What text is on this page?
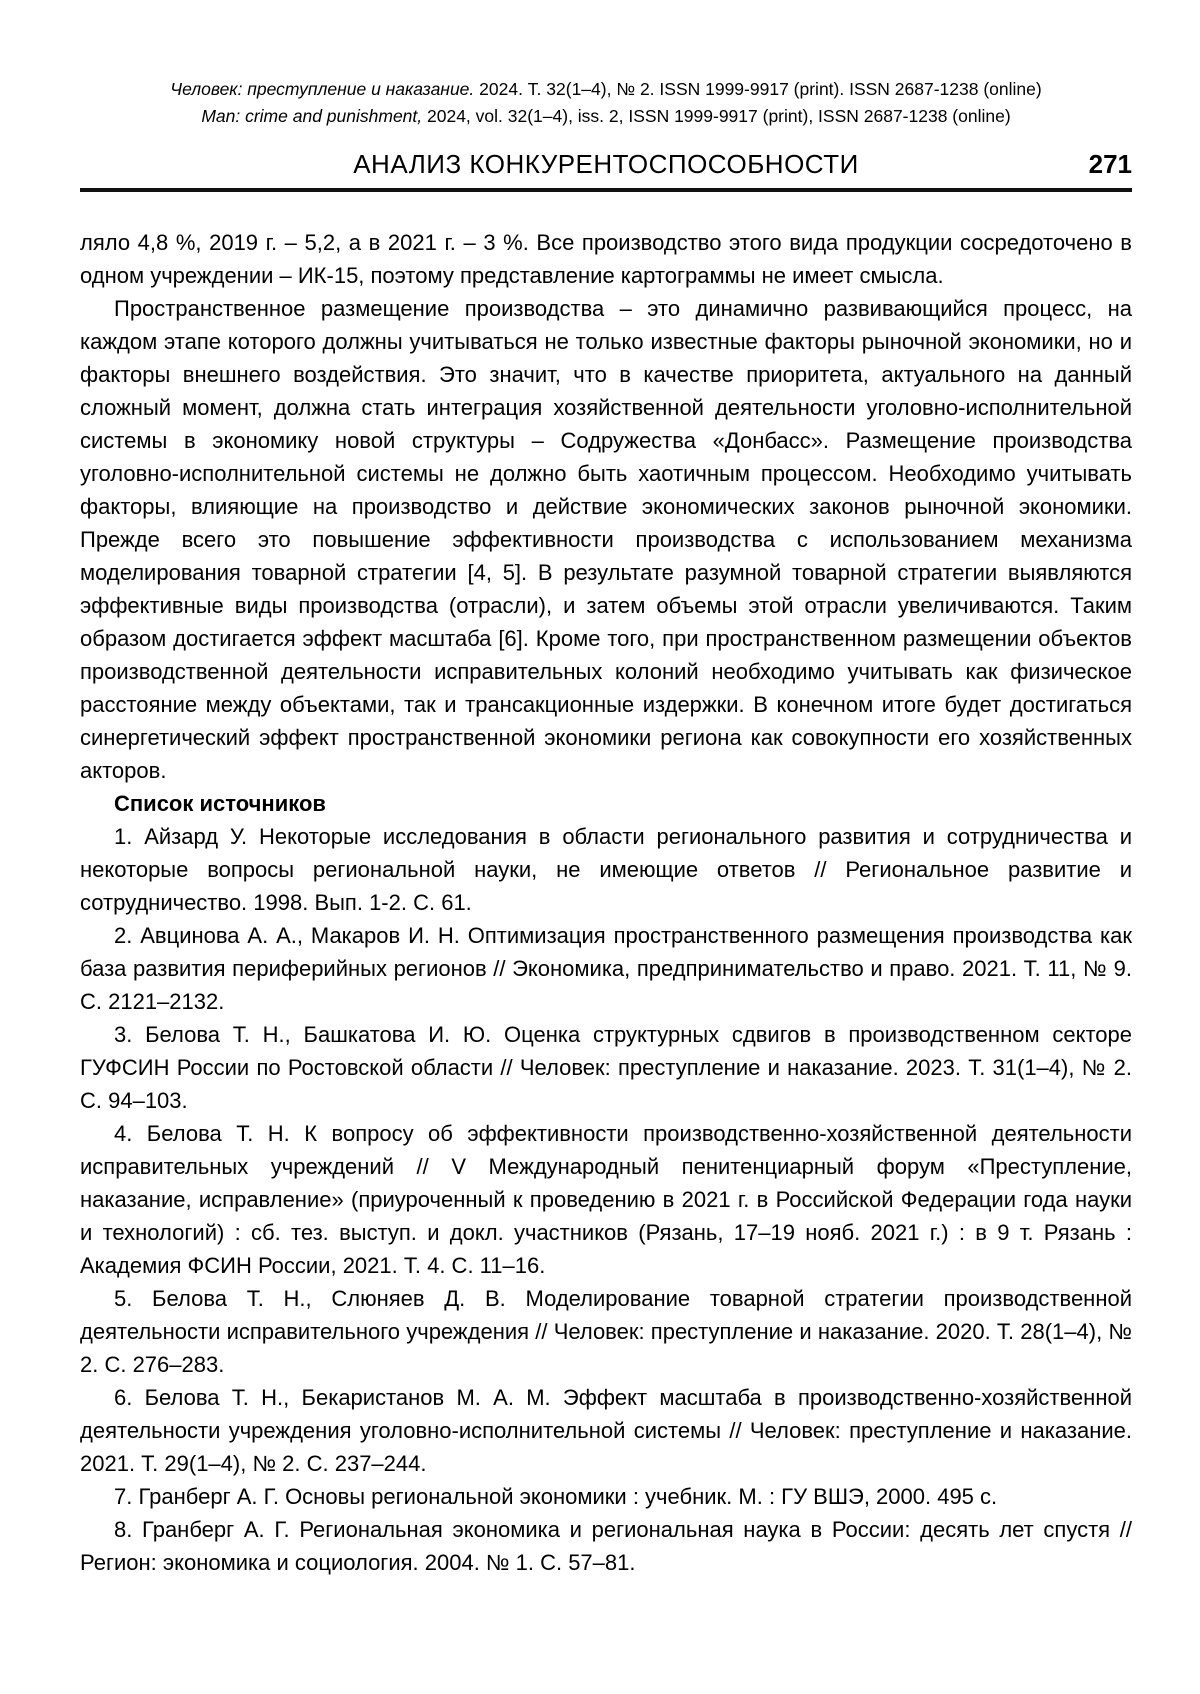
Человек: преступление и наказание. 2024. Т. 32(1–4), № 2. ISSN 1999-9917 (print). ISSN 2687-1238 (online)
Man: crime and punishment, 2024, vol. 32(1–4), iss. 2, ISSN 1999-9917 (print), ISSN 2687-1238 (online)
АНАЛИЗ КОНКУРЕНТОСПОСОБНОСТИ	271

ляло 4,8 %, 2019 г. – 5,2, а в 2021 г. – 3 %. Все производство этого вида продукции сосредоточено в одном учреждении – ИК-15, поэтому представление картограммы не имеет смысла.

Пространственное размещение производства – это динамично развивающийся процесс, на каждом этапе которого должны учитываться не только известные факторы рыночной экономики, но и факторы внешнего воздействия. Это значит, что в качестве приоритета, актуального на данный сложный момент, должна стать интеграция хозяйственной деятельности уголовно-исполнительной системы в экономику новой структуры – Содружества «Донбасс». Размещение производства уголовно-исполнительной системы не должно быть хаотичным процессом. Необходимо учитывать факторы, влияющие на производство и действие экономических законов рыночной экономики. Прежде всего это повышение эффективности производства с использованием механизма моделирования товарной стратегии [4, 5]. В результате разумной товарной стратегии выявляются эффективные виды производства (отрасли), и затем объемы этой отрасли увеличиваются. Таким образом достигается эффект масштаба [6]. Кроме того, при пространственном размещении объектов производственной деятельности исправительных колоний необходимо учитывать как физическое расстояние между объектами, так и трансакционные издержки. В конечном итоге будет достигаться синергетический эффект пространственной экономики региона как совокупности его хозяйственных акторов.

Список источников

1. Айзард У. Некоторые исследования в области регионального развития и сотрудничества и некоторые вопросы региональной науки, не имеющие ответов // Региональное развитие и сотрудничество. 1998. Вып. 1-2. С. 61.

2. Авцинова А. А., Макаров И. Н. Оптимизация пространственного размещения производства как база развития периферийных регионов // Экономика, предпринимательство и право. 2021. Т. 11, № 9. С. 2121–2132.

3. Белова Т. Н., Башкатова И. Ю. Оценка структурных сдвигов в производственном секторе ГУФСИН России по Ростовской области // Человек: преступление и наказание. 2023. Т. 31(1–4), № 2. С. 94–103.

4. Белова Т. Н. К вопросу об эффективности производственно-хозяйственной деятельности исправительных учреждений // V Международный пенитенциарный форум «Преступление, наказание, исправление» (приуроченный к проведению в 2021 г. в Российской Федерации года науки и технологий) : сб. тез. выступ. и докл. участников (Рязань, 17–19 нояб. 2021 г.) : в 9 т. Рязань : Академия ФСИН России, 2021. Т. 4. С. 11–16.

5. Белова Т. Н., Слюняев Д. В. Моделирование товарной стратегии производственной деятельности исправительного учреждения // Человек: преступление и наказание. 2020. Т. 28(1–4), № 2. С. 276–283.

6. Белова Т. Н., Бекаристанов М. А. М. Эффект масштаба в производственно-хозяйственной деятельности учреждения уголовно-исполнительной системы // Человек: преступление и наказание. 2021. Т. 29(1–4), № 2. С. 237–244.

7. Гранберг А. Г. Основы региональной экономики : учебник. М. : ГУ ВШЭ, 2000. 495 с.

8. Гранберг А. Г. Региональная экономика и региональная наука в России: десять лет спустя // Регион: экономика и социология. 2004. № 1. С. 57–81.
